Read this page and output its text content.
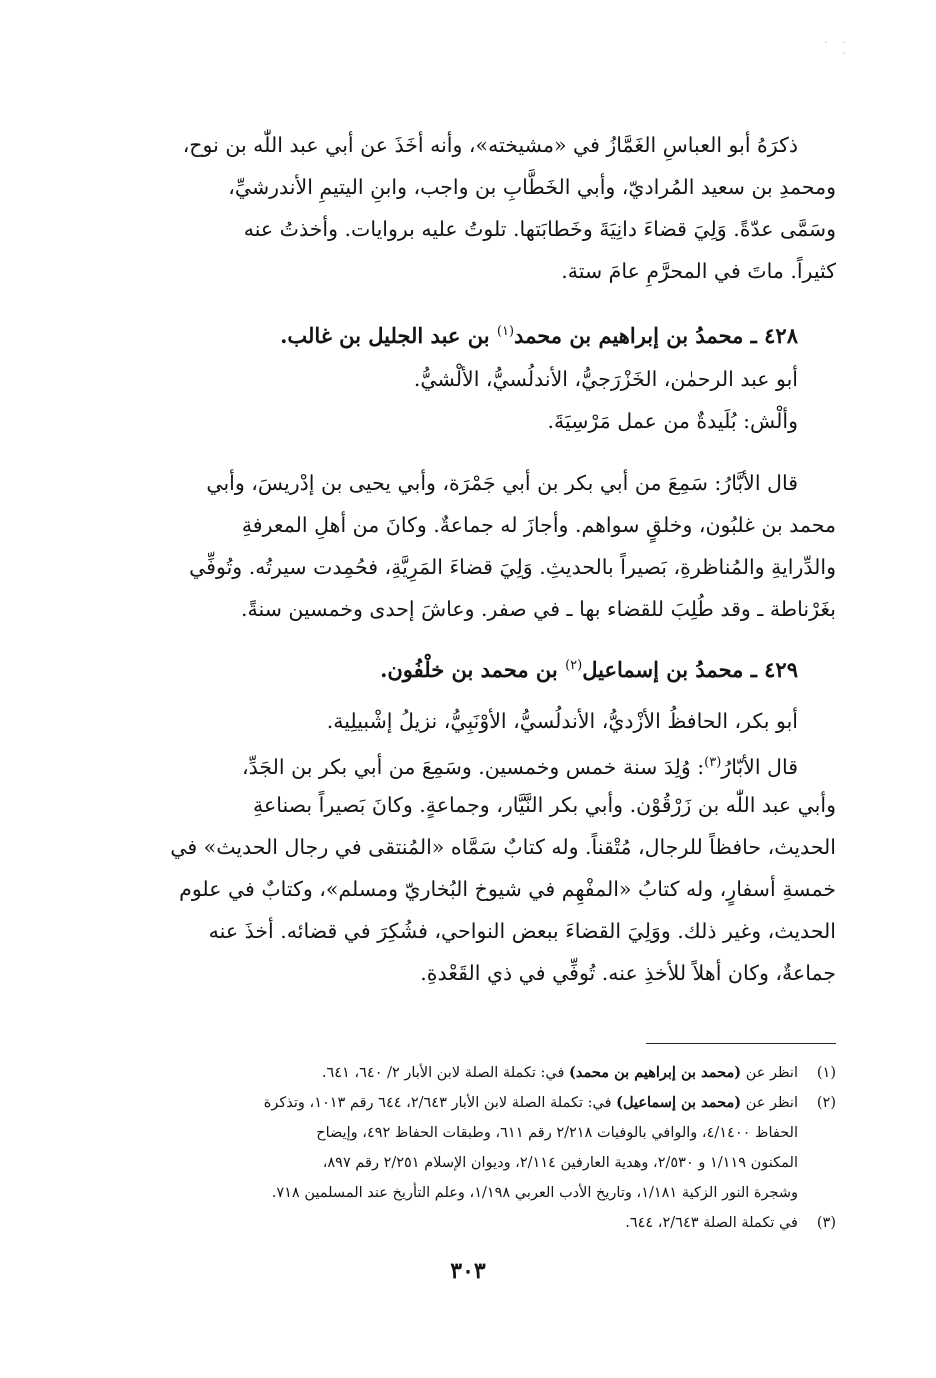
· · ·

ذكرَهُ أبو العباسِ الغَمَّازُ في «مشيخته»، وأنه أخَذَ عن أبي عبد اللّٰه بن نوح،
ومحمدِ بن سعيد المُراديّ، وأبي الخَطَّابِ بن واجب، وابنِ اليتيمِ الأندرشيِّ،
وسَمَّى عدّةً. وَلِيَ قضاءَ دانِيَةَ وخَطابَتها. تلوتُ عليه بروايات. وأخذتُ عنه
كثيراً. ماتَ في المحرَّمِ عامَ ستة.

٤٢٨ ـ محمدُ بن إبراهيم بن محمد$^{(١)}$ بن عبد الجليل بن غالب.

أبو عبد الرحمٰن، الخَزْرَجيُّ، الأندلُسيُّ، الألْشيُّ.

وألْش: بُلَيدةٌ من عمل مَرْسِيَةَ.

قال الأبَّارُ: سَمِعَ من أبي بكر بن أبي جَمْرَة، وأبي يحيى بن إدْريسَ، وأبي
محمد بن غلبُون، وخلقٍ سواهم. وأجازَ له جماعةٌ. وكانَ من أهلِ المعرفةِ
والدِّرايةِ والمُناظرةِ، بَصيراً بالحديثِ. وَلِيَ قضاءَ المَرِيَّةِ، فحُمِدت سيرتُه. وتُوفِّي
بغَرْناطة ـ وقد طُلِبَ للقضاء بها ـ في صفر. وعاشَ إحدى وخمسين سنةً.

٤٢٩ ـ محمدُ بن إسماعيل$^{(٢)}$ بن محمد بن خلْفُون.

أبو بكر، الحافظُ الأزْديُّ، الأندلُسيُّ، الأوْنَبِيُّ، نزيلُ إشْبيلِية.

قال الأبّارُ$^{(٣)}$: وُلِدَ سنة خمس وخمسين. وسَمِعَ من أبي بكر بن الجَدِّ،
وأبي عبد اللّٰه بن زَرْقُوْن. وأبي بكر النَّيَّار، وجماعةٍ. وكانَ بَصيراً بصناعةِ
الحديث، حافظاً للرجال، مُتْقناً. وله كتابٌ سَمَّاه «المُنتقى في رجال الحديث» في
خمسةِ أسفارٍ، وله كتابُ «المفْهِم في شيوخ البُخاريّ ومسلم»، وكتابٌ في علوم
الحديث، وغير ذلك. ووَلِيَ القضاءَ ببعض النواحي، فشُكِرَ في قضائه. أخذَ عنه
جماعةٌ، وكان أهلاً للأخذِ عنه. تُوفِّي في ذي القَعْدةِ.

(١)
انظر عن (محمد بن إبراهيم بن محمد) في: تكملة الصلة لابن الأبار ٢/ ٦٤٠، ٦٤١.
(٢)
انظر عن (محمد بن إسماعيل) في: تكملة الصلة لابن الأبار ٢/٦٤٣، ٦٤٤ رقم ١٠١٣، وتذكرة
الحفاظ ٤/١٤٠٠، والوافي بالوفيات ٢/٢١٨ رقم ٦١١، وطبقات الحفاظ ٤٩٢، وإيضاح
المكنون ١/١١٩ و ٢/٥٣٠، وهدية العارفين ٢/١١٤، وديوان الإسلام ٢/٢٥١ رقم ٨٩٧،
وشجرة النور الزكية ١/١٨١، وتاريخ الأدب العربي ١/١٩٨، وعلم التأريخ عند المسلمين ٧١٨.
(٣)
في تكملة الصلة ٢/٦٤٣، ٦٤٤.
٣٠٣
